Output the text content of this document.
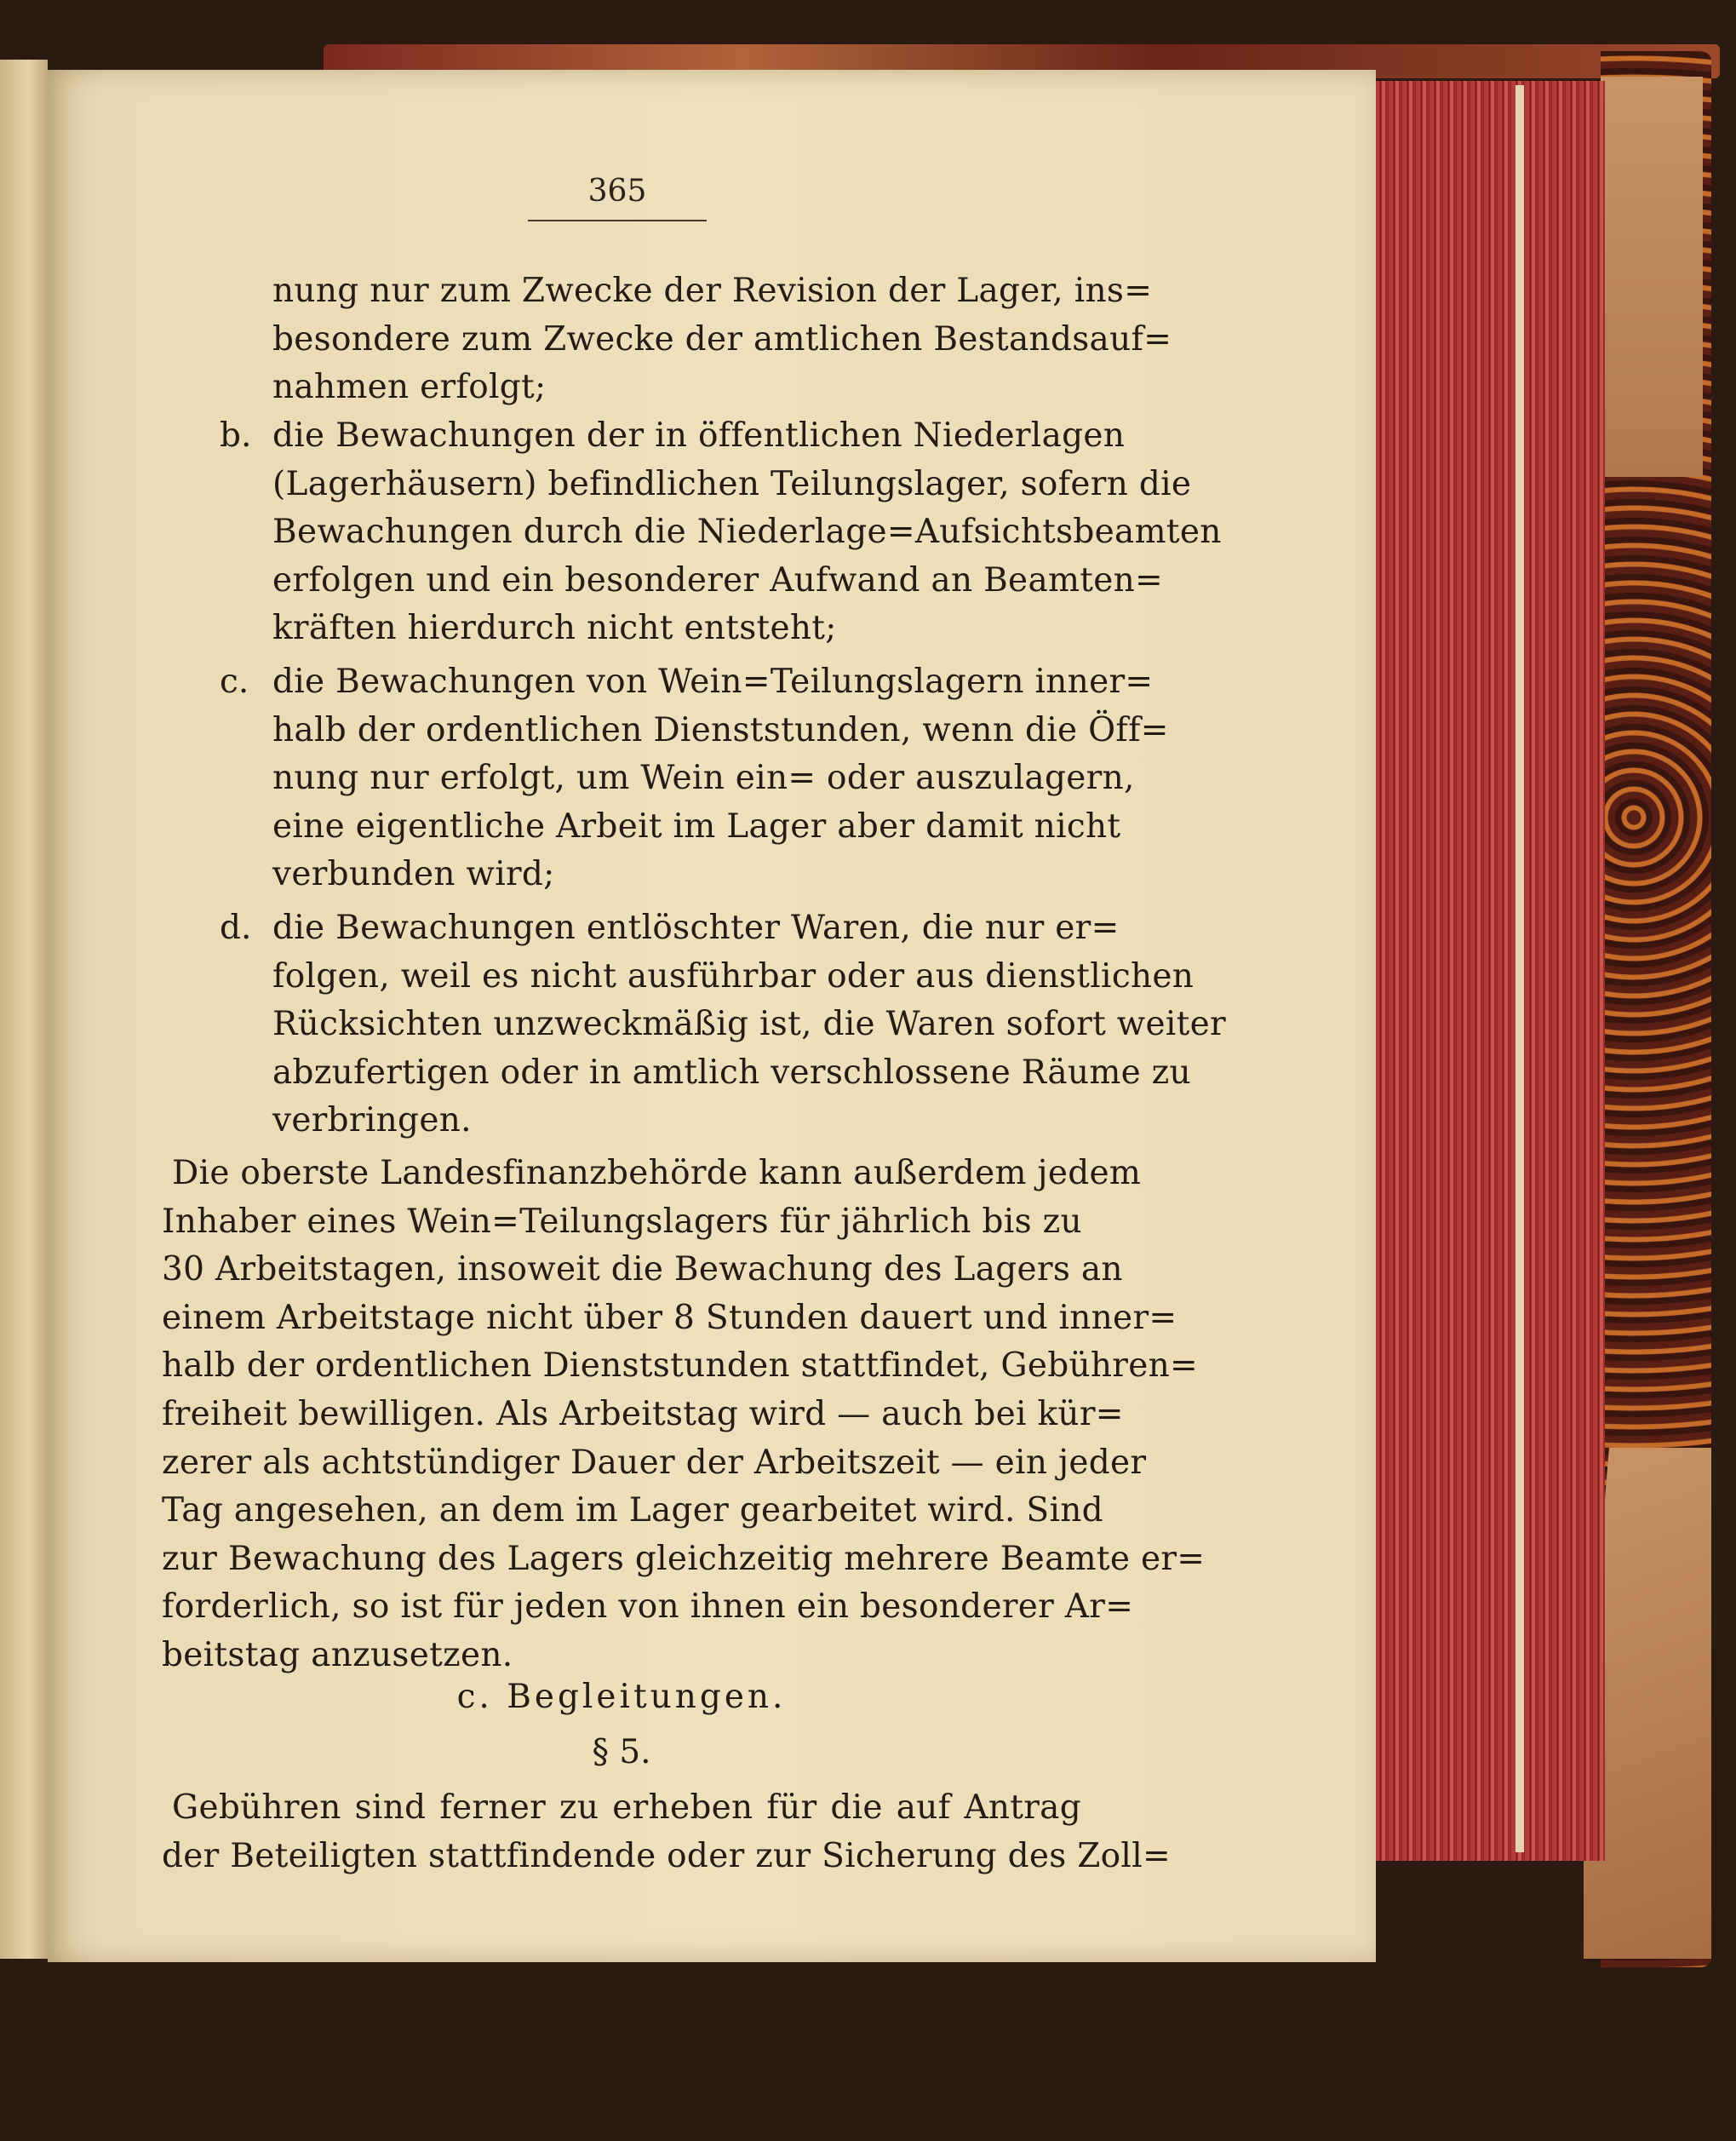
365
nung nur zum Zwecke der Revision der Lager, ins=
besondere zum Zwecke der amtlichen Bestandsauf=
nahmen erfolgt;
b. die Bewachungen der in öffentlichen Niederlagen
(Lagerhäusern) befindlichen Teilungslager, sofern die
Bewachungen durch die Niederlage=Aufsichtsbeamten
erfolgen und ein besonderer Aufwand an Beamten=
kräften hierdurch nicht entsteht;
c. die Bewachungen von Wein=Teilungslagern inner=
halb der ordentlichen Dienststunden, wenn die Öff=
nung nur erfolgt, um Wein ein= oder auszulagern,
eine eigentliche Arbeit im Lager aber damit nicht
verbunden wird;
d. die Bewachungen entlöschter Waren, die nur er=
folgen, weil es nicht ausführbar oder aus dienstlichen
Rücksichten unzweckmäßig ist, die Waren sofort weiter
abzufertigen oder in amtlich verschlossene Räume zu
verbringen.
Die oberste Landesfinanzbehörde kann außerdem jedem
Inhaber eines Wein=Teilungslagers für jährlich bis zu
30 Arbeitstagen, insoweit die Bewachung des Lagers an
einem Arbeitstage nicht über 8 Stunden dauert und inner=
halb der ordentlichen Dienststunden stattfindet, Gebühren=
freiheit bewilligen. Als Arbeitstag wird — auch bei kür=
zerer als achtstündiger Dauer der Arbeitszeit — ein jeder
Tag angesehen, an dem im Lager gearbeitet wird. Sind
zur Bewachung des Lagers gleichzeitig mehrere Beamte er=
forderlich, so ist für jeden von ihnen ein besonderer Ar=
beitstag anzusetzen.
c. Begleitungen.
§ 5.
Gebühren sind ferner zu erheben für die auf Antrag
der Beteiligten stattfindende oder zur Sicherung des Zoll=
